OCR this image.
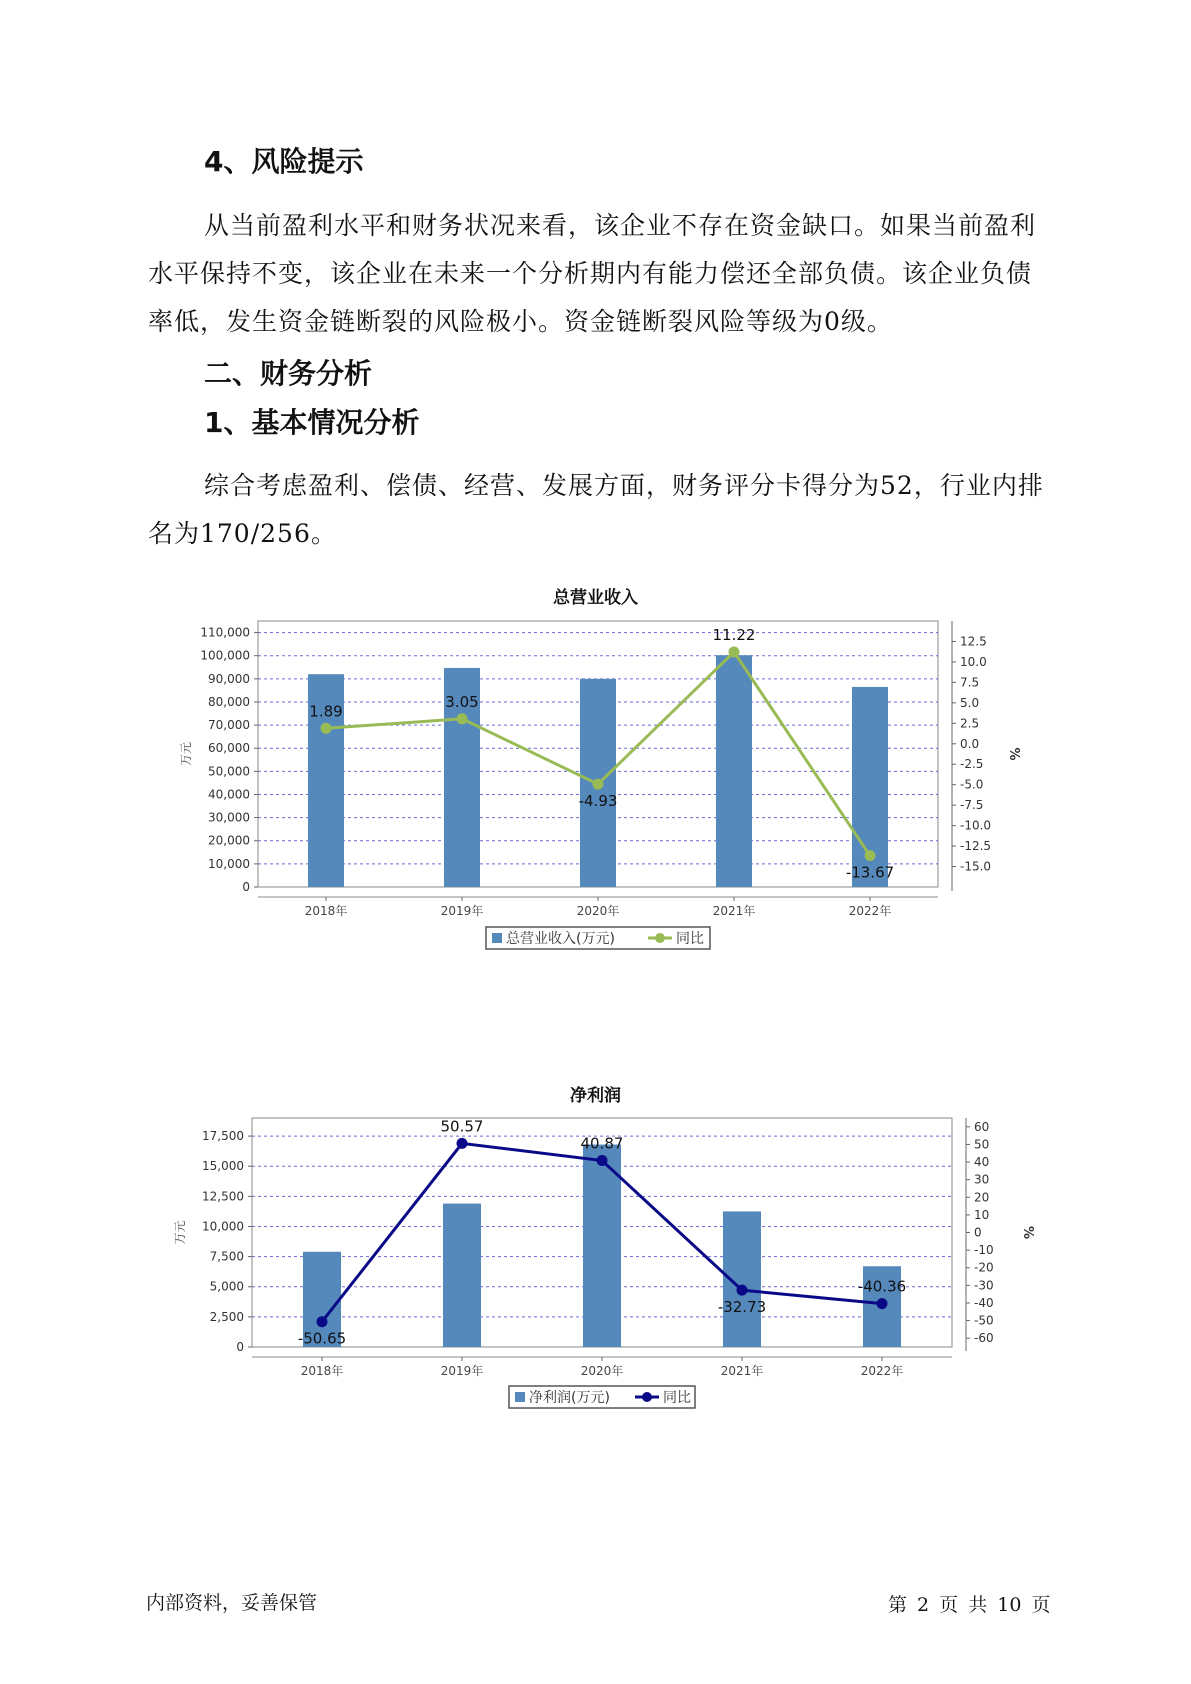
4、风险提示

从当前盈利水平和财务状况来看，该企业不存在资金缺口。如果当前盈利水平保持不变，该企业在未来一个分析期内有能力偿还全部负债。该企业负债率低，发生资金链断裂的风险极小。资金链断裂风险等级为0级。

二、财务分析
1、基本情况分析

综合考虑盈利、偿债、经营、发展方面，财务评分卡得分为52，行业内排名为170/256。

总营业收入
0
10,000
20,000
30,000
40,000
50,000
60,000
70,000
80,000
90,000
100,000
110,000
万元
-15.0
-12.5
-10.0
-7.5
-5.0
-2.5
0.0
2.5
5.0
7.5
10.0
12.5
%
2018年	2019年	2020年	2021年	2022年
1.89
3.05
-4.93
11.22
-13.67
总营业收入(万元)	同比
净利润
0
2,500
5,000
7,500
10,000
12,500
15,000
17,500
万元
-60
-50
-40
-30
-20
-10
0
10
20
30
40
50
60
%
2018年	2019年	2020年	2021年	2022年
-50.65
50.57
40.87
-32.73
-40.36
净利润(万元)	同比
内部资料，妥善保管	第 2 页 共 10 页
